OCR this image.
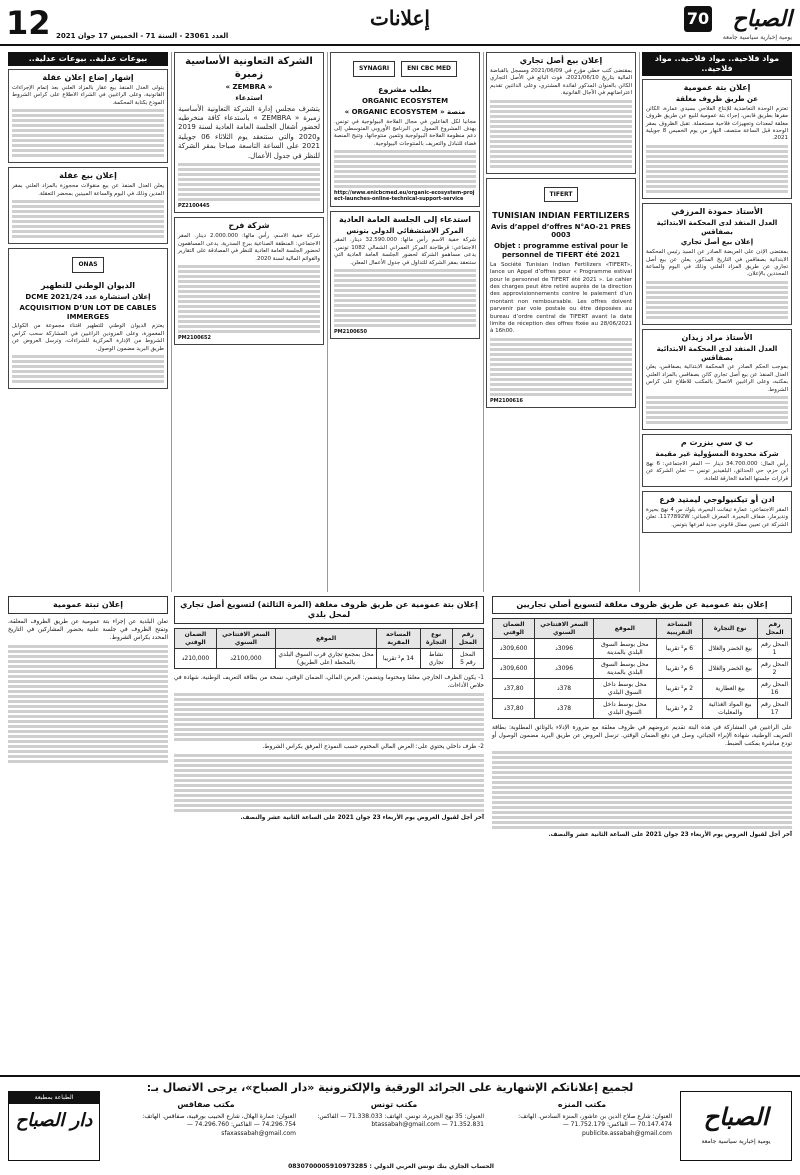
70 الصباح
يومية إخبارية سياسية جامعة
إعلانات
12 العدد 23061 - السنة 71 - الخميس 17 جوان 2021
مواد فلاحية.. مواد فلاحية.. مواد فلاحية..
إعلان بتة عمومية
عن طريق ظروف مغلقة
تعتزم الوحدة التعاضدية للإنتاج الفلاحي بسيدي عمارة، الكائن مقرها بطريق قابس، إجراء بتة عمومية للبيع عن طريق ظروف مغلقة لمعدات وتجهيزات فلاحية مستعملة. تقبل الظروف بمقر الوحدة قبل الساعة منتصف النهار من يوم الخميس 8 جويلية 2021.
الأستاذ حمودة المرزقي
العدل المنفذ لدى المحكمة الابتدائية بصفاقس
إعلان بيع أصل تجاري
بمقتضى الإذن على العريضة الصادر عن السيد رئيس المحكمة الابتدائية بصفاقس في التاريخ المذكور، يعلن عن بيع أصل تجاري عن طريق المزاد العلني وذلك في اليوم والساعة المحددين بالإعلان.
الأستاذ مراد زيدان
العدل المنفذ لدى المحكمة الابتدائية بصفاقس
بموجب الحكم الصادر عن المحكمة الابتدائية بصفاقس، يعلن العدل المنفذ عن بيع أصل تجاري كائن بصفاقس بالمزاد العلني بمكتبه، وعلى الراغبين الاتصال بالمكتب للاطلاع على كراس الشروط.
ب ي سي بنزرت م
شركة محدودة المسؤولية غير مقيمة
رأس المال: 34.700.000 دينار — المقر الاجتماعي: 6 نهج ابن حزم، حي الحدائق، البلفيدير تونس — تعلن الشركة عن قرارات جلستها العامة الخارقة للعادة.
ادن أو تيكنيولوجي ليمتيد فرع
المقر الاجتماعي: عمارة تيفانت البحيرة، بلوك س 4 نهج بحيرة ونديرمار، ضفاف البحيرة. المعرف الجبائي: 1177892W. تعلن الشركة عن تعيين ممثل قانوني جديد لفرعها بتونس.
إعلان بيع أصل تجاري
بمقتضى كتب خطي مؤرخ في 2021/06/09 ومسجل بالقباضة المالية بتاريخ 2021/06/10، فوت البائع في الأصل التجاري الكائن بالعنوان المذكور لفائدة المشتري، وعلى الدائنين تقديم اعتراضاتهم في الآجال القانونية.
TIFERT
TUNISIAN INDIAN FERTILIZERS
Avis d’appel d’offres N°AO-21 PRES 0003
Objet : programme estival pour le personnel de TIFERT été 2021
La Société Tunisian Indian Fertilizers «TIFERT», lance un Appel d’offres pour « Programme estival pour le personnel de TIFERT été 2021 ». Le cahier des charges peut être retiré auprès de la direction des approvisionnements contre le paiement d’un montant non remboursable. Les offres doivent parvenir par voie postale ou être déposées au bureau d’ordre central de TIFERT avant la date limite de réception des offres fixée au 28/06/2021 à 16h00.
PM2100616
ENI CBC MED
SYNAGRI
بطلب مشروع
ORGANIC ECOSYSTEM
منصة « ORGANIC ECOSYSTEM »
مجانيا لكل الفاعلين في مجال الفلاحة البيولوجية في تونس. يهدف المشروع الممول من البرنامج الأوروبي المتوسطي إلى دعم منظومة الفلاحة البيولوجية وتثمين منتوجاتها، وتتيح المنصة فضاء للتبادل والتعريف بالمنتوجات البيولوجية.
http://www.enicbcmed.eu/organic-ecosystem-project-launches-online-technical-support-service
استدعاء إلى الجلسة العامة العادية
المركز الاستشفائي الدولي بتونس
شركة خفية الاسم رأس مالها: 32.590.000 دينار. المقر الاجتماعي: قرطاجنة المركز العمراني الشمالي 1082 تونس. يدعى مساهمو الشركة لحضور الجلسة العامة العادية التي ستنعقد بمقر الشركة للتداول في جدول الأعمال المعلن.
PM2100650
الشركة التعاونية الأساسية زمبرة
« ZEMBRA »
استدعاء
يتشرف مجلس إدارة الشركة التعاونية الأساسية زمبرة « ZEMBRA » باستدعاء كافة منخرطيه لحضور أشغال الجلسة العامة العادية لسنة 2019 و2020 والتي ستنعقد يوم الثلاثاء 06 جويلية 2021 على الساعة التاسعة صباحا بمقر الشركة للنظر في جدول الأعمال.
PZ2100445
شركة فرح
شركة خفية الاسم، رأس مالها: 2.000.000 دينار. المقر الاجتماعي: المنطقة الصناعية ببرج السدرية. يدعى المساهمون لحضور الجلسة العامة العادية للنظر في المصادقة على التقارير والقوائم المالية لسنة 2020.
PM2100652
بيوعات عدلية.. بيوعات عدلية..
إشهار إضاع إعلان عقلة
يتولى العدل المنفذ بيع عقار بالمزاد العلني بعد إتمام الإجراءات القانونية، وعلى الراغبين في الشراء الاطلاع على كراس الشروط المودع بكتابة المحكمة.
إعلان بيع عقلة
يعلن العدل المنفذ عن بيع منقولات محجوزة بالمزاد العلني بمقر المدين وذلك في اليوم والساعة المبينين بمحضر التعقلة.
ONAS
الديوان الوطني للتطهير
إعلان استشارة عدد 2021/24 DCME
ACQUISITION D’UN LOT DE CABLES IMMERGES
يعتزم الديوان الوطني للتطهير اقتناء مجموعة من الكوابل المغمورة، وعلى المزودين الراغبين في المشاركة سحب كراس الشروط من الإدارة المركزية للشراءات، وترسل العروض عن طريق البريد مضمون الوصول.
إعلان بتة عمومية عن طريق ظروف مغلقة لتسويغ أصلي تجاريين
رقم المحل	نوع التجارة	المساحة التقريبية	الموقع	السعر الافتتاحي السنوي	الضمان الوقتي
المحل رقم 1	بيع الخضر والغلال	6 م² تقريبا	محل بوسط السوق البلدي بالمدينة	3096د	309,600د
المحل رقم 2	بيع الخضر والغلال	6 م² تقريبا	محل بوسط السوق البلدي بالمدينة	3096د	309,600د
المحل رقم 16	بيع العطارية	2 م² تقريبا	محل بوسط داخل السوق البلدي	378د	37,80د
المحل رقم 17	بيع المواد الغذائية والمعلبات	2 م² تقريبا	محل بوسط داخل السوق البلدي	378د	37,80د
على الراغبين في المشاركة في هذه البتة تقديم عروضهم في ظروف مغلقة مع ضرورة الإدلاء بالوثائق المطلوبة: بطاقة التعريف الوطنية، شهادة الإبراء الجبائي، وصل في دفع الضمان الوقتي. ترسل العروض عن طريق البريد مضمون الوصول أو تودع مباشرة بمكتب الضبط.
آخر أجل لقبول العروض يوم الأربعاء 23 جوان 2021 على الساعة الثانية عشر والنصف.
إعلان بتة عمومية عن طريق ظروف مغلقة (المرة الثالثة) لتسويغ أصل تجاري لمحل بلدي
رقم المحل	نوع التجارة	المساحة المقربة	الموقع	السعر الافتتاحي السنوي	الضمان الوقتي
المحل رقم 5	نشاط تجاري	14 م² تقريبا	محل بمجمع تجاري قرب السوق البلدي بالمحطة (على الطريق)	2100,000د	210,000د
1- يكون الظرف الخارجي مغلقا ومختوما ويتضمن: العرض المالي، الضمان الوقتي، نسخة من بطاقة التعريف الوطنية، شهادة في خلاص الأداءات.
2- ظرف داخلي يحتوي على: العرض المالي المختوم حسب النموذج المرفق بكراس الشروط.
آخر أجل لقبول العروض يوم الأربعاء 23 جوان 2021 على الساعة الثانية عشر والنصف.
إعلان تبتة عمومية
تعلن البلدية عن إجراء بتة عمومية عن طريق الظروف المغلقة، وتفتح الظروف في جلسة علنية بحضور المشاركين في التاريخ المحدد بكراس الشروط.
لجميع إعلاناتكم الإشهارية على الجرائد الورقية والإلكترونية «دار الصباح»، يرجى الاتصال بـ:
الصباح
يومية إخبارية سياسية جامعة
مكتب المنزه
العنوان: شارع صلاح الدين بن عاشور، المنزه السادس. الهاتف: 70.147.474 — الفاكس: 71.752.179 — publicite.assabah@gmail.com
مكتب تونس
العنوان: 35 نهج الجزيرة، تونس. الهاتف: 71.338.033 — الفاكس: 71.352.831 — btassabah@gmail.com
مكتب صفاقس
العنوان: عمارة الهلال، شارع الحبيب بورقيبة، صفاقس. الهاتف: 74.296.754 — الفاكس: 74.296.760 — sfaxassabah@gmail.com
الطباعة بمطبعة
دار الصباح
0830700005910973285 : الحساب الجاري بنك تونس العربي الدولي
